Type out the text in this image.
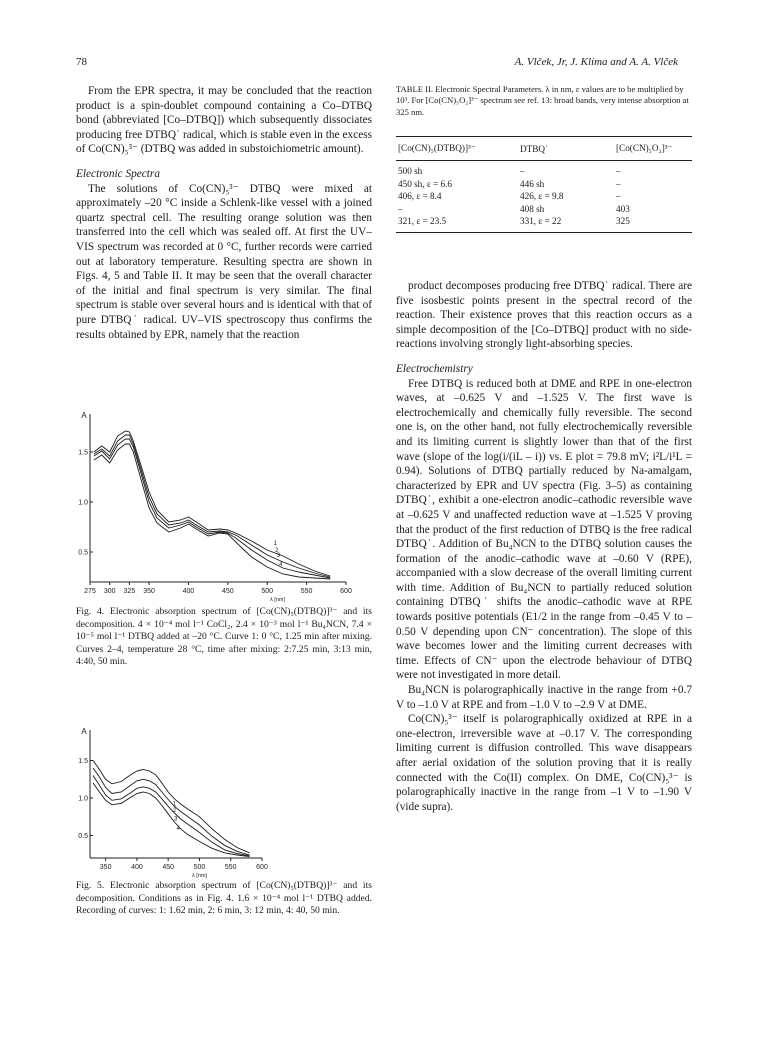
78	A. Vlček, Jr, J. Klíma and A. A. Vlček

From the EPR spectra, it may be concluded that the reaction product is a spin-doublet compound containing a Co–DTBQ bond (abbreviated [Co–DTBQ]) which subsequently dissociates producing free DTBQ˙ radical, which is stable even in the excess of Co(CN)₅³⁻ (DTBQ was added in substoichiometric amount).

Electronic Spectra

The solutions of Co(CN)₅³⁻ DTBQ were mixed at approximately –20 °C inside a Schlenk-like vessel with a joined quartz spectral cell. The resulting orange solution was then transferred into the cell which was sealed off. At first the UV–VIS spectrum was recorded at 0 °C, further records were carried out at laboratory temperature. Resulting spectra are shown in Figs. 4, 5 and Table II. It may be seen that the overall character of the initial and final spectrum is very similar. The final spectrum is stable over several hours and is identical with that of pure DTBQ˙ radical. UV–VIS spectroscopy thus confirms the results obtained by EPR, namely that the reaction

275 300 325 350	400	450	500	550	600
0.5
1.0
1.5
A
λ [nm]
1
2
3
4
Fig. 4. Electronic absorption spectrum of [Co(CN)₅(DTBQ)]³⁻ and its decomposition. 4 × 10⁻⁴ mol l⁻¹ CoCl₂, 2.4 × 10⁻³ mol l⁻¹ Bu₄NCN, 7.4 × 10⁻⁵ mol l⁻¹ DTBQ added at –20 °C. Curve 1: 0 °C, 1.25 min after mixing. Curves 2–4, temperature 28 °C, time after mixing: 2:7.25 min, 3:13 min, 4:40, 50 min.
350	400	450	500	550	600
0.5
1.0
1.5
A
λ [nm]
1
2
3
4
Fig. 5. Electronic absorption spectrum of [Co(CN)₅(DTBQ)]³⁻ and its decomposition. Conditions as in Fig. 4. 1.6 × 10⁻⁴ mol l⁻¹ DTBQ added. Recording of curves: 1: 1.62 min, 2: 6 min, 3: 12 min, 4: 40, 50 min.
TABLE II. Electronic Spectral Parameters. λ in nm, ε values are to be multiplied by 10³. For [Co(CN)₅O₂]³⁻ spectrum see ref. 13: broad bands, very intense absorption at 325 nm.
[Co(CN)₅(DTBQ)]³⁻	DTBQ˙	[Co(CN)₅O₂]³⁻
500 sh	–	–
450 sh, ε = 6.6	446 sh	–
406, ε = 8.4	426, ε = 9.8	–
–	408 sh	403
321, ε = 23.5	331, ε = 22	325

product decomposes producing free DTBQ˙ radical. There are five isosbestic points present in the spectral record of the reaction. Their existence proves that this reaction occurs as a simple decomposition of the [Co–DTBQ] product with no side-reactions involving strongly light-absorbing species.

Electrochemistry

Free DTBQ is reduced both at DME and RPE in one-electron waves, at –0.625 V and –1.525 V. The first wave is electrochemically and chemically fully reversible. The second one is, on the other hand, not fully electrochemically reversible and its limiting current is slightly lower than that of the first wave (slope of the log(i/(iL – i)) vs. E plot = 79.8 mV; i²L/i¹L = 0.94). Solutions of DTBQ partially reduced by Na-amalgam, characterized by EPR and UV spectra (Fig. 3–5) as containing DTBQ˙, exhibit a one-electron anodic–cathodic reversible wave at –0.625 V and unaffected reduction wave at –1.525 V proving that the product of the first reduction of DTBQ is the free radical DTBQ˙. Addition of Bu₄NCN to the DTBQ solution causes the formation of the anodic–cathodic wave at –0.60 V (RPE), accompanied with a slow decrease of the overall limiting current with time. Addition of Bu₄NCN to partially reduced solution containing DTBQ˙ shifts the anodic–cathodic wave at RPE towards positive potentials (E1/2 in the range from –0.45 V to –0.50 V depending upon CN⁻ concentration). The slope of this wave becomes lower and the limiting current decreases with time. Effects of CN⁻ upon the electrode behaviour of DTBQ were not investigated in more detail.

Bu₄NCN is polarographically inactive in the range from +0.7 V to –1.0 V at RPE and from –1.0 V to –2.9 V at DME.

Co(CN)₅³⁻ itself is polarographically oxidized at RPE in a one-electron, irreversible wave at –0.17 V. The corresponding limiting current is diffusion controlled. This wave disappears after aerial oxidation of the solution proving that it is really connected with the Co(II) complex. On DME, Co(CN)₅³⁻ is polarographically inactive in the range from –1 V to –1.90 V (vide supra).
